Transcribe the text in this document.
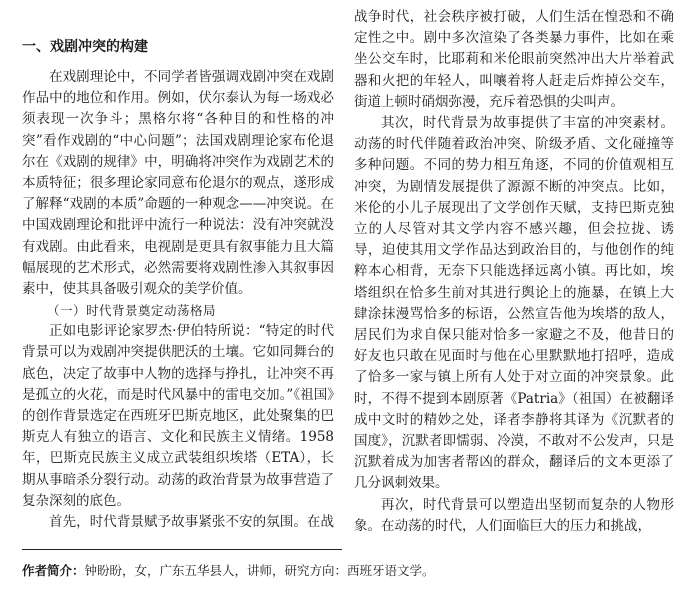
一、戏剧冲突的构建

在戏剧理论中，不同学者皆强调戏剧冲突在戏剧作品中的地位和作用。例如，伏尔泰认为每一场戏必须表现一次争斗；黑格尔将“各种目的和性格的冲突”看作戏剧的“中心问题”；法国戏剧理论家布伦退尔在《戏剧的规律》中，明确将冲突作为戏剧艺术的本质特征；很多理论家同意布伦退尔的观点，遂形成了解释“戏剧的本质”命题的一种观念——冲突说。在中国戏剧理论和批评中流行一种说法：没有冲突就没有戏剧。由此看来，电视剧是更具有叙事能力且大篇幅展现的艺术形式，必然需要将戏剧性渗入其叙事因素中，使其具备吸引观众的美学价值。

（一）时代背景奠定动荡格局

正如电影评论家罗杰·伊伯特所说：“特定的时代背景可以为戏剧冲突提供肥沃的土壤。它如同舞台的底色，决定了故事中人物的选择与挣扎，让冲突不再是孤立的火花，而是时代风暴中的雷电交加。”《祖国》的创作背景选定在西班牙巴斯克地区，此处聚集的巴斯克人有独立的语言、文化和民族主义情绪。1958年，巴斯克民族主义成立武装组织埃塔（ETA），长期从事暗杀分裂行动。动荡的政治背景为故事营造了复杂深刻的底色。

首先，时代背景赋予故事紧张不安的氛围。在战

战争时代，社会秩序被打破，人们生活在惶恐和不确定性之中。剧中多次渲染了各类暴力事件，比如在乘坐公交车时，比耶莉和米伦眼前突然冲出大片举着武器和火把的年轻人，叫嚷着将人赶走后炸掉公交车，街道上顿时硝烟弥漫，充斥着恐惧的尖叫声。

其次，时代背景为故事提供了丰富的冲突素材。动荡的时代伴随着政治冲突、阶级矛盾、文化碰撞等多种问题。不同的势力相互角逐，不同的价值观相互冲突，为剧情发展提供了源源不断的冲突点。比如，米伦的小儿子展现出了文学创作天赋，支持巴斯克独立的人尽管对其文学内容不感兴趣，但会拉拢、诱导，迫使其用文学作品达到政治目的，与他创作的纯粹本心相背，无奈下只能选择远离小镇。再比如，埃塔组织在恰多生前对其进行舆论上的施暴，在镇上大肆涂抹漫骂恰多的标语，公然宣告他为埃塔的敌人，居民们为求自保只能对恰多一家避之不及，他昔日的好友也只敢在见面时与他在心里默默地打招呼，造成了恰多一家与镇上所有人处于对立面的冲突景象。此时，不得不提到本剧原著《Patria》（祖国）在被翻译成中文时的精妙之处，译者李静将其译为《沉默者的国度》，沉默者即懦弱、冷漠，不敢对不公发声，只是沉默着成为加害者帮凶的群众，翻译后的文本更添了几分讽刺效果。

再次，时代背景可以塑造出坚韧而复杂的人物形象。在动荡的时代，人们面临巨大的压力和挑战，

作者简介：钟盼盼，女，广东五华县人，讲师，研究方向：西班牙语文学。
